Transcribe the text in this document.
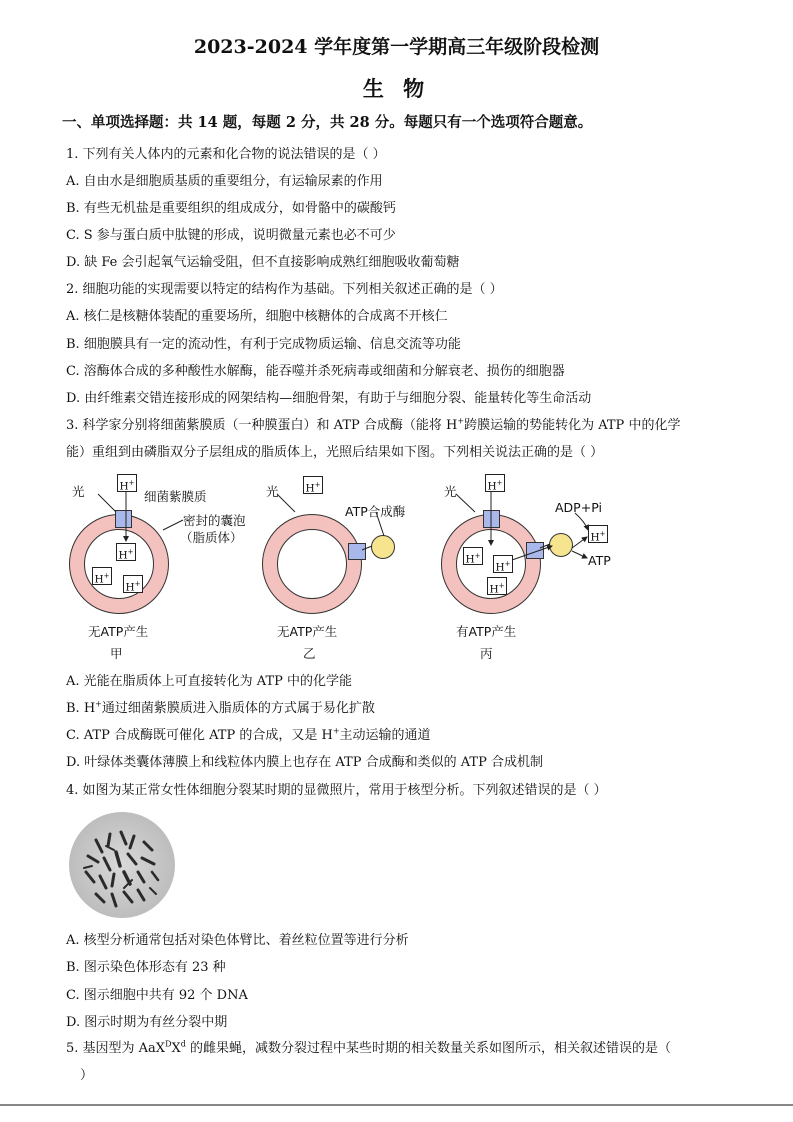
2023-2024 学年度第一学期高三年级阶段检测
生 物
一、单项选择题：共 14 题，每题 2 分，共 28 分。每题只有一个选项符合题意。
1. 下列有关人体内的元素和化合物的说法错误的是（ ）
A. 自由水是细胞质基质的重要组分，有运输尿素的作用
B. 有些无机盐是重要组织的组成成分，如骨骼中的碳酸钙
C. S 参与蛋白质中肽键的形成，说明微量元素也必不可少
D. 缺 Fe 会引起氧气运输受阻，但不直接影响成熟红细胞吸收葡萄糖
2. 细胞功能的实现需要以特定的结构作为基础。下列相关叙述正确的是（ ）
A. 核仁是核糖体装配的重要场所，细胞中核糖体的合成离不开核仁
B. 细胞膜具有一定的流动性，有利于完成物质运输、信息交流等功能
C. 溶酶体合成的多种酸性水解酶，能吞噬并杀死病毒或细菌和分解衰老、损伤的细胞器
D. 由纤维素交错连接形成的网架结构—细胞骨架，有助于与细胞分裂、能量转化等生命活动
3. 科学家分别将细菌紫膜质（一种膜蛋白）和 ATP 合成酶（能将 H+跨膜运输的势能转化为 ATP 中的化学
能）重组到由磷脂双分子层组成的脂质体上，光照后结果如下图。下列相关说法正确的是（ ）
光	H+
细菌紫膜质
密封的囊泡
（脂质体）
H+
H+
H+
无ATP产生
甲
光	H+
ATP合成酶
无ATP产生
乙
光	H+
H+
H+
H+
H+
ADP+Pi
ATP
有ATP产生
丙
A. 光能在脂质体上可直接转化为 ATP 中的化学能
B. H+通过细菌紫膜质进入脂质体的方式属于易化扩散
C. ATP 合成酶既可催化 ATP 的合成，又是 H+主动运输的通道
D. 叶绿体类囊体薄膜上和线粒体内膜上也存在 ATP 合成酶和类似的 ATP 合成机制
4. 如图为某正常女性体细胞分裂某时期的显微照片，常用于核型分析。下列叙述错误的是（ ）
A. 核型分析通常包括对染色体臂比、着丝粒位置等进行分析
B. 图示染色体形态有 23 种
C. 图示细胞中共有 92 个 DNA
D. 图示时期为有丝分裂中期
5. 基因型为 $AaX^DX^d$ 的雌果蝇，减数分裂过程中某些时期的相关数量关系如图所示，相关叙述错误的是（
）
